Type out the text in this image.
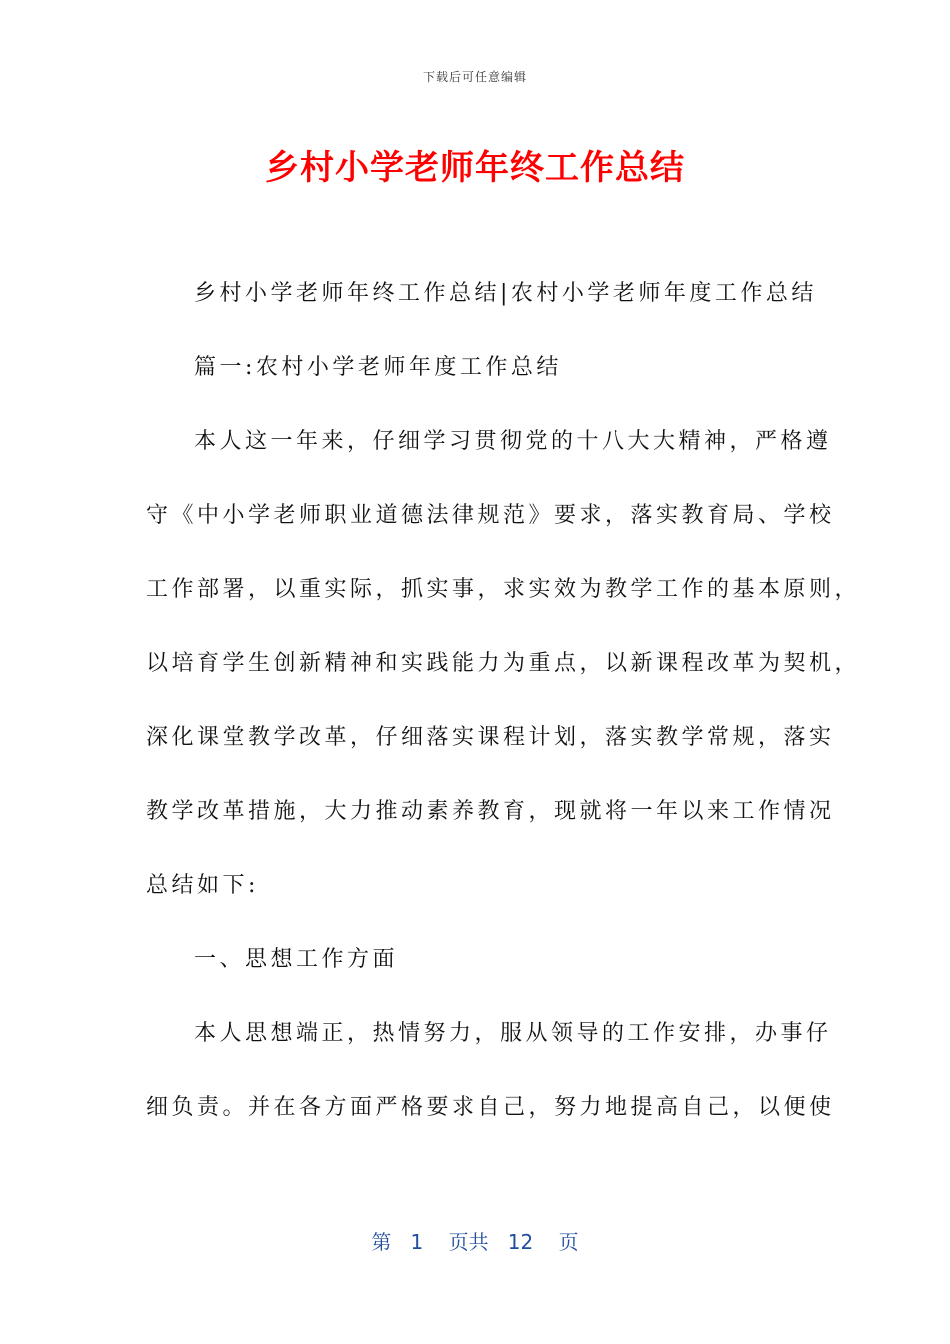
下载后可任意编辑
乡村小学老师年终工作总结
乡村小学老师年终工作总结|农村小学老师年度工作总结
篇一:农村小学老师年度工作总结
本人这一年来，仔细学习贯彻党的十八大大精神，严格遵
守《中小学老师职业道德法律规范》要求，落实教育局、学校
工作部署，以重实际，抓实事，求实效为教学工作的基本原则，
以培育学生创新精神和实践能力为重点，以新课程改革为契机，
深化课堂教学改革，仔细落实课程计划，落实教学常规，落实
教学改革措施，大力推动素养教育，现就将一年以来工作情况
总结如下:
一、思想工作方面
本人思想端正，热情努力，服从领导的工作安排，办事仔
细负责。并在各方面严格要求自己，努力地提高自己，以便使
第 1 页共 12 页
